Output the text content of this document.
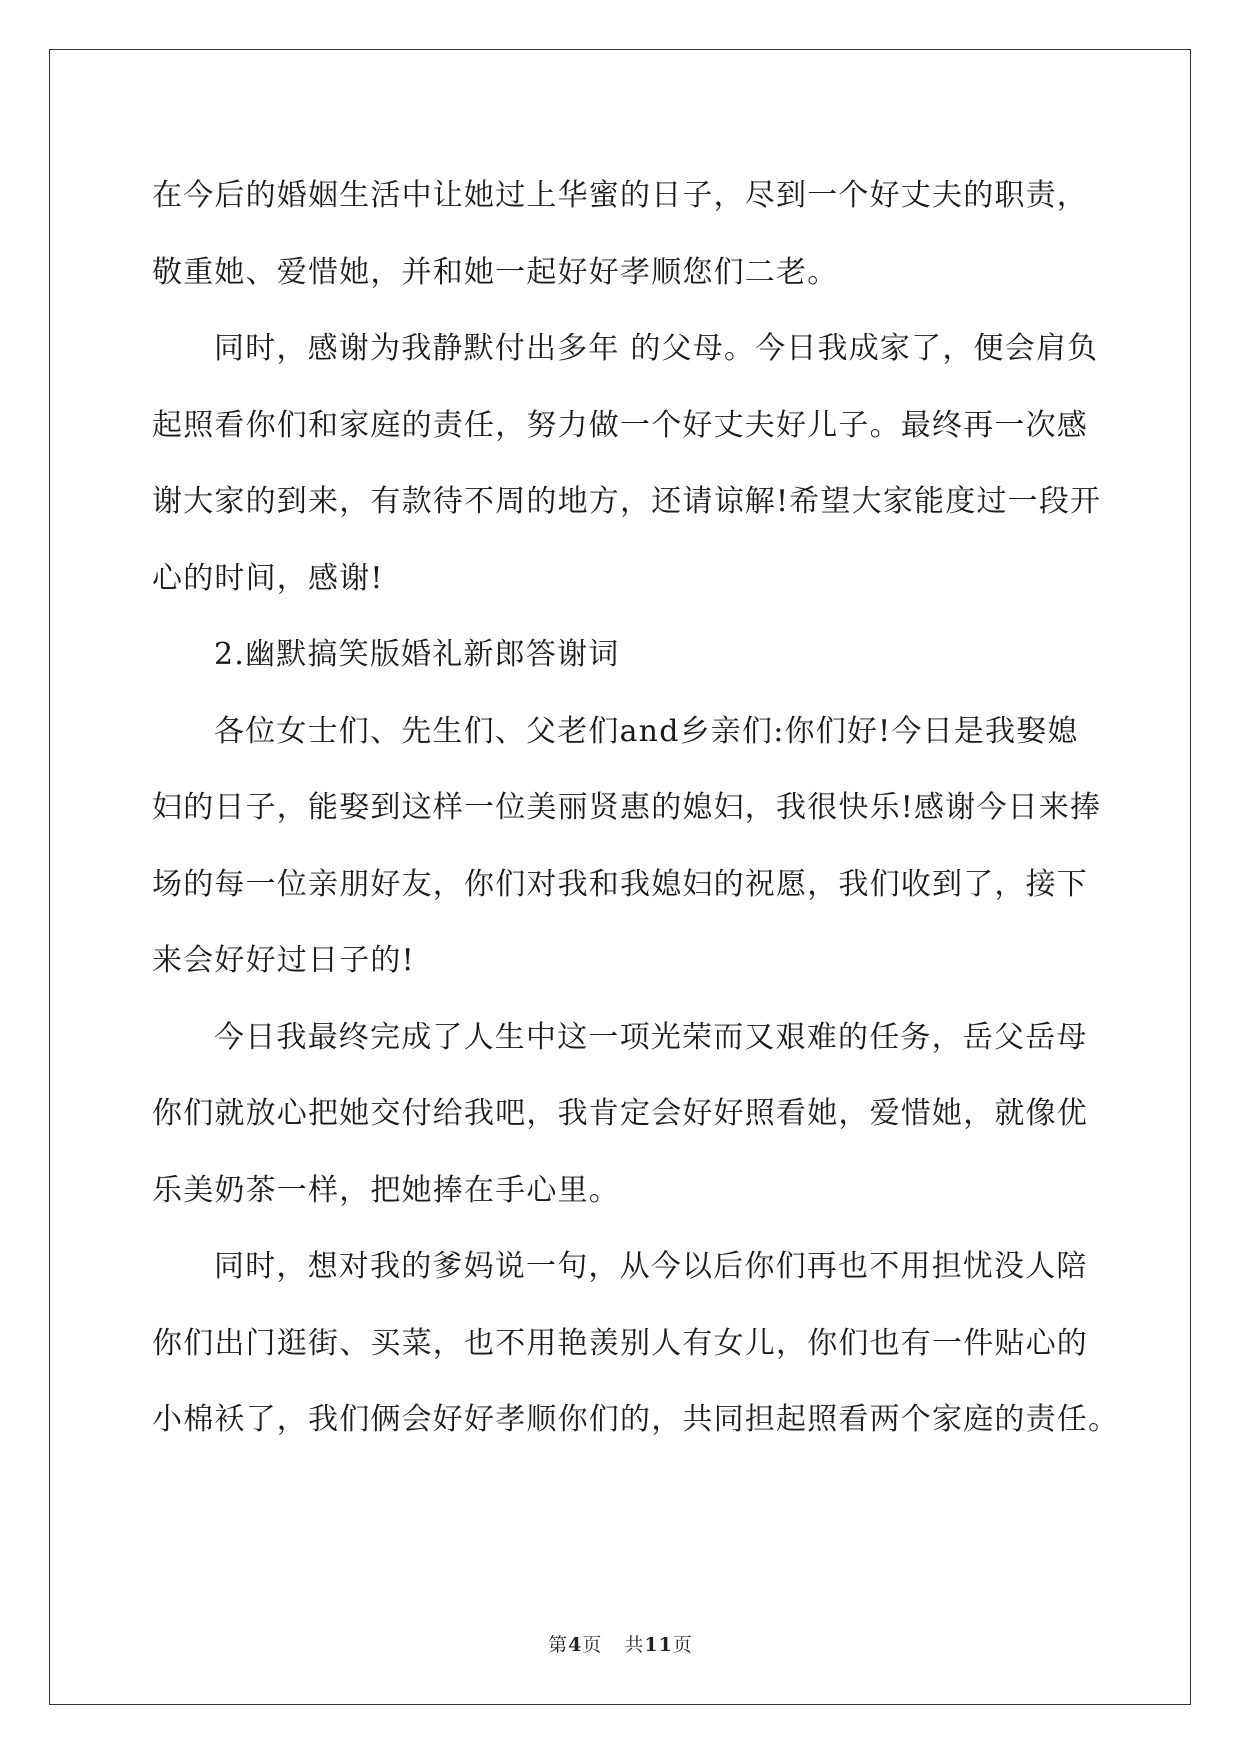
在今后的婚姻生活中让她过上华蜜的日子，尽到一个好丈夫的职责，
敬重她、爱惜她，并和她一起好好孝顺您们二老。
同时，感谢为我静默付出多年 的父母。今日我成家了，便会肩负
起照看你们和家庭的责任，努力做一个好丈夫好儿子。最终再一次感
谢大家的到来，有款待不周的地方，还请谅解!希望大家能度过一段开
心的时间，感谢!
2.幽默搞笑版婚礼新郎答谢词
各位女士们、先生们、父老们and乡亲们:你们好!今日是我娶媳
妇的日子，能娶到这样一位美丽贤惠的媳妇，我很快乐!感谢今日来捧
场的每一位亲朋好友，你们对我和我媳妇的祝愿，我们收到了，接下
来会好好过日子的!
今日我最终完成了人生中这一项光荣而又艰难的任务，岳父岳母
你们就放心把她交付给我吧，我肯定会好好照看她，爱惜她，就像优
乐美奶茶一样，把她捧在手心里。
同时，想对我的爹妈说一句，从今以后你们再也不用担忧没人陪
你们出门逛街、买菜，也不用艳羡别人有女儿，你们也有一件贴心的
小棉袄了，我们俩会好好孝顺你们的，共同担起照看两个家庭的责任。
第4页 共11页
